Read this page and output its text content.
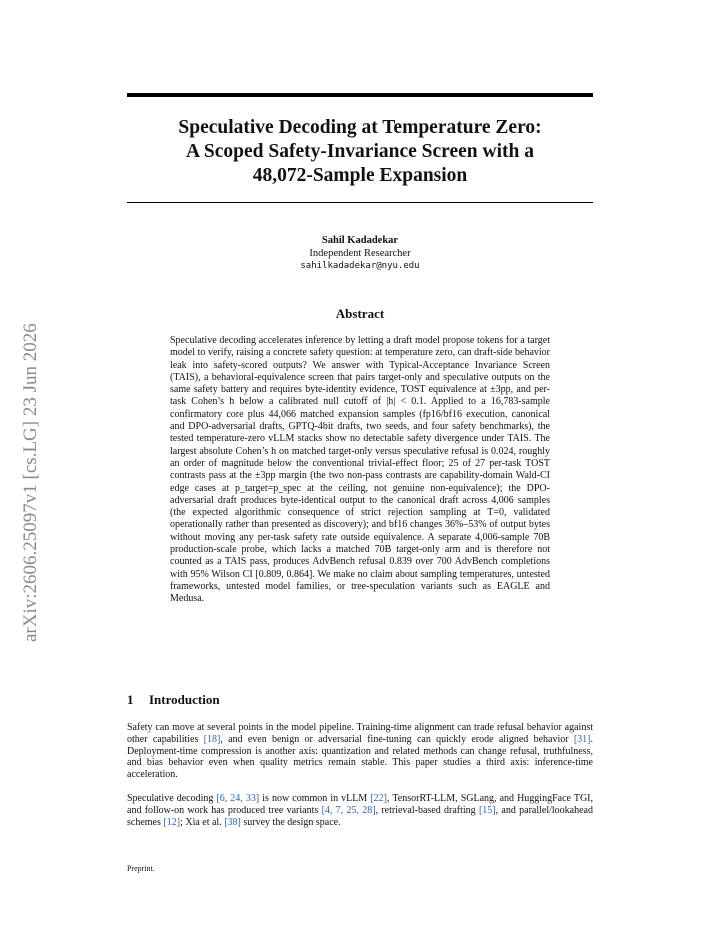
arXiv:2606.25097v1 [cs.LG] 23 Jun 2026
Speculative Decoding at Temperature Zero:
A Scoped Safety-Invariance Screen with a
48,072-Sample Expansion
Sahil Kadadekar
Independent Researcher
sahilkadadekar@nyu.edu
Abstract
Speculative decoding accelerates inference by letting a draft model propose tokens for a target model to verify, raising a concrete safety question: at temperature zero, can draft-side behavior leak into safety-scored outputs? We answer with Typical-Acceptance Invariance Screen (TAIS), a behavioral-equivalence screen that pairs target-only and speculative outputs on the same safety battery and requires byte-identity evidence, TOST equivalence at ±3pp, and per-task Cohen’s h below a calibrated null cutoff of |h| < 0.1. Applied to a 16,783-sample confirmatory core plus 44,066 matched expansion samples (fp16/bf16 execution, canonical and DPO-adversarial drafts, GPTQ-4bit drafts, two seeds, and four safety benchmarks), the tested temperature-zero vLLM stacks show no detectable safety divergence under TAIS. The largest absolute Cohen’s h on matched target-only versus speculative refusal is 0.024, roughly an order of magnitude below the conventional trivial-effect floor; 25 of 27 per-task TOST contrasts pass at the ±3pp margin (the two non-pass contrasts are capability-domain Wald-CI edge cases at p_target=p_spec at the ceiling, not genuine non-equivalence); the DPO-adversarial draft produces byte-identical output to the canonical draft across 4,006 samples (the expected algorithmic consequence of strict rejection sampling at T=0, validated operationally rather than presented as discovery); and bf16 changes 36%–53% of output bytes without moving any per-task safety rate outside equivalence. A separate 4,006-sample 70B production-scale probe, which lacks a matched 70B target-only arm and is therefore not counted as a TAIS pass, produces AdvBench refusal 0.839 over 700 AdvBench completions with 95% Wilson CI [0.809, 0.864]. We make no claim about sampling temperatures, untested frameworks, untested model families, or tree-speculation variants such as EAGLE and Medusa.
1 Introduction
Safety can move at several points in the model pipeline. Training-time alignment can trade refusal behavior against other capabilities [18], and even benign or adversarial fine-tuning can quickly erode aligned behavior [31]. Deployment-time compression is another axis: quantization and related methods can change refusal, truthfulness, and bias behavior even when quality metrics remain stable. This paper studies a third axis: inference-time acceleration.
Speculative decoding [6, 24, 33] is now common in vLLM [22], TensorRT-LLM, SGLang, and HuggingFace TGI, and follow-on work has produced tree variants [4, 7, 25, 28], retrieval-based drafting [15], and parallel/lookahead schemes [12]; Xia et al. [38] survey the design space.
Preprint.
